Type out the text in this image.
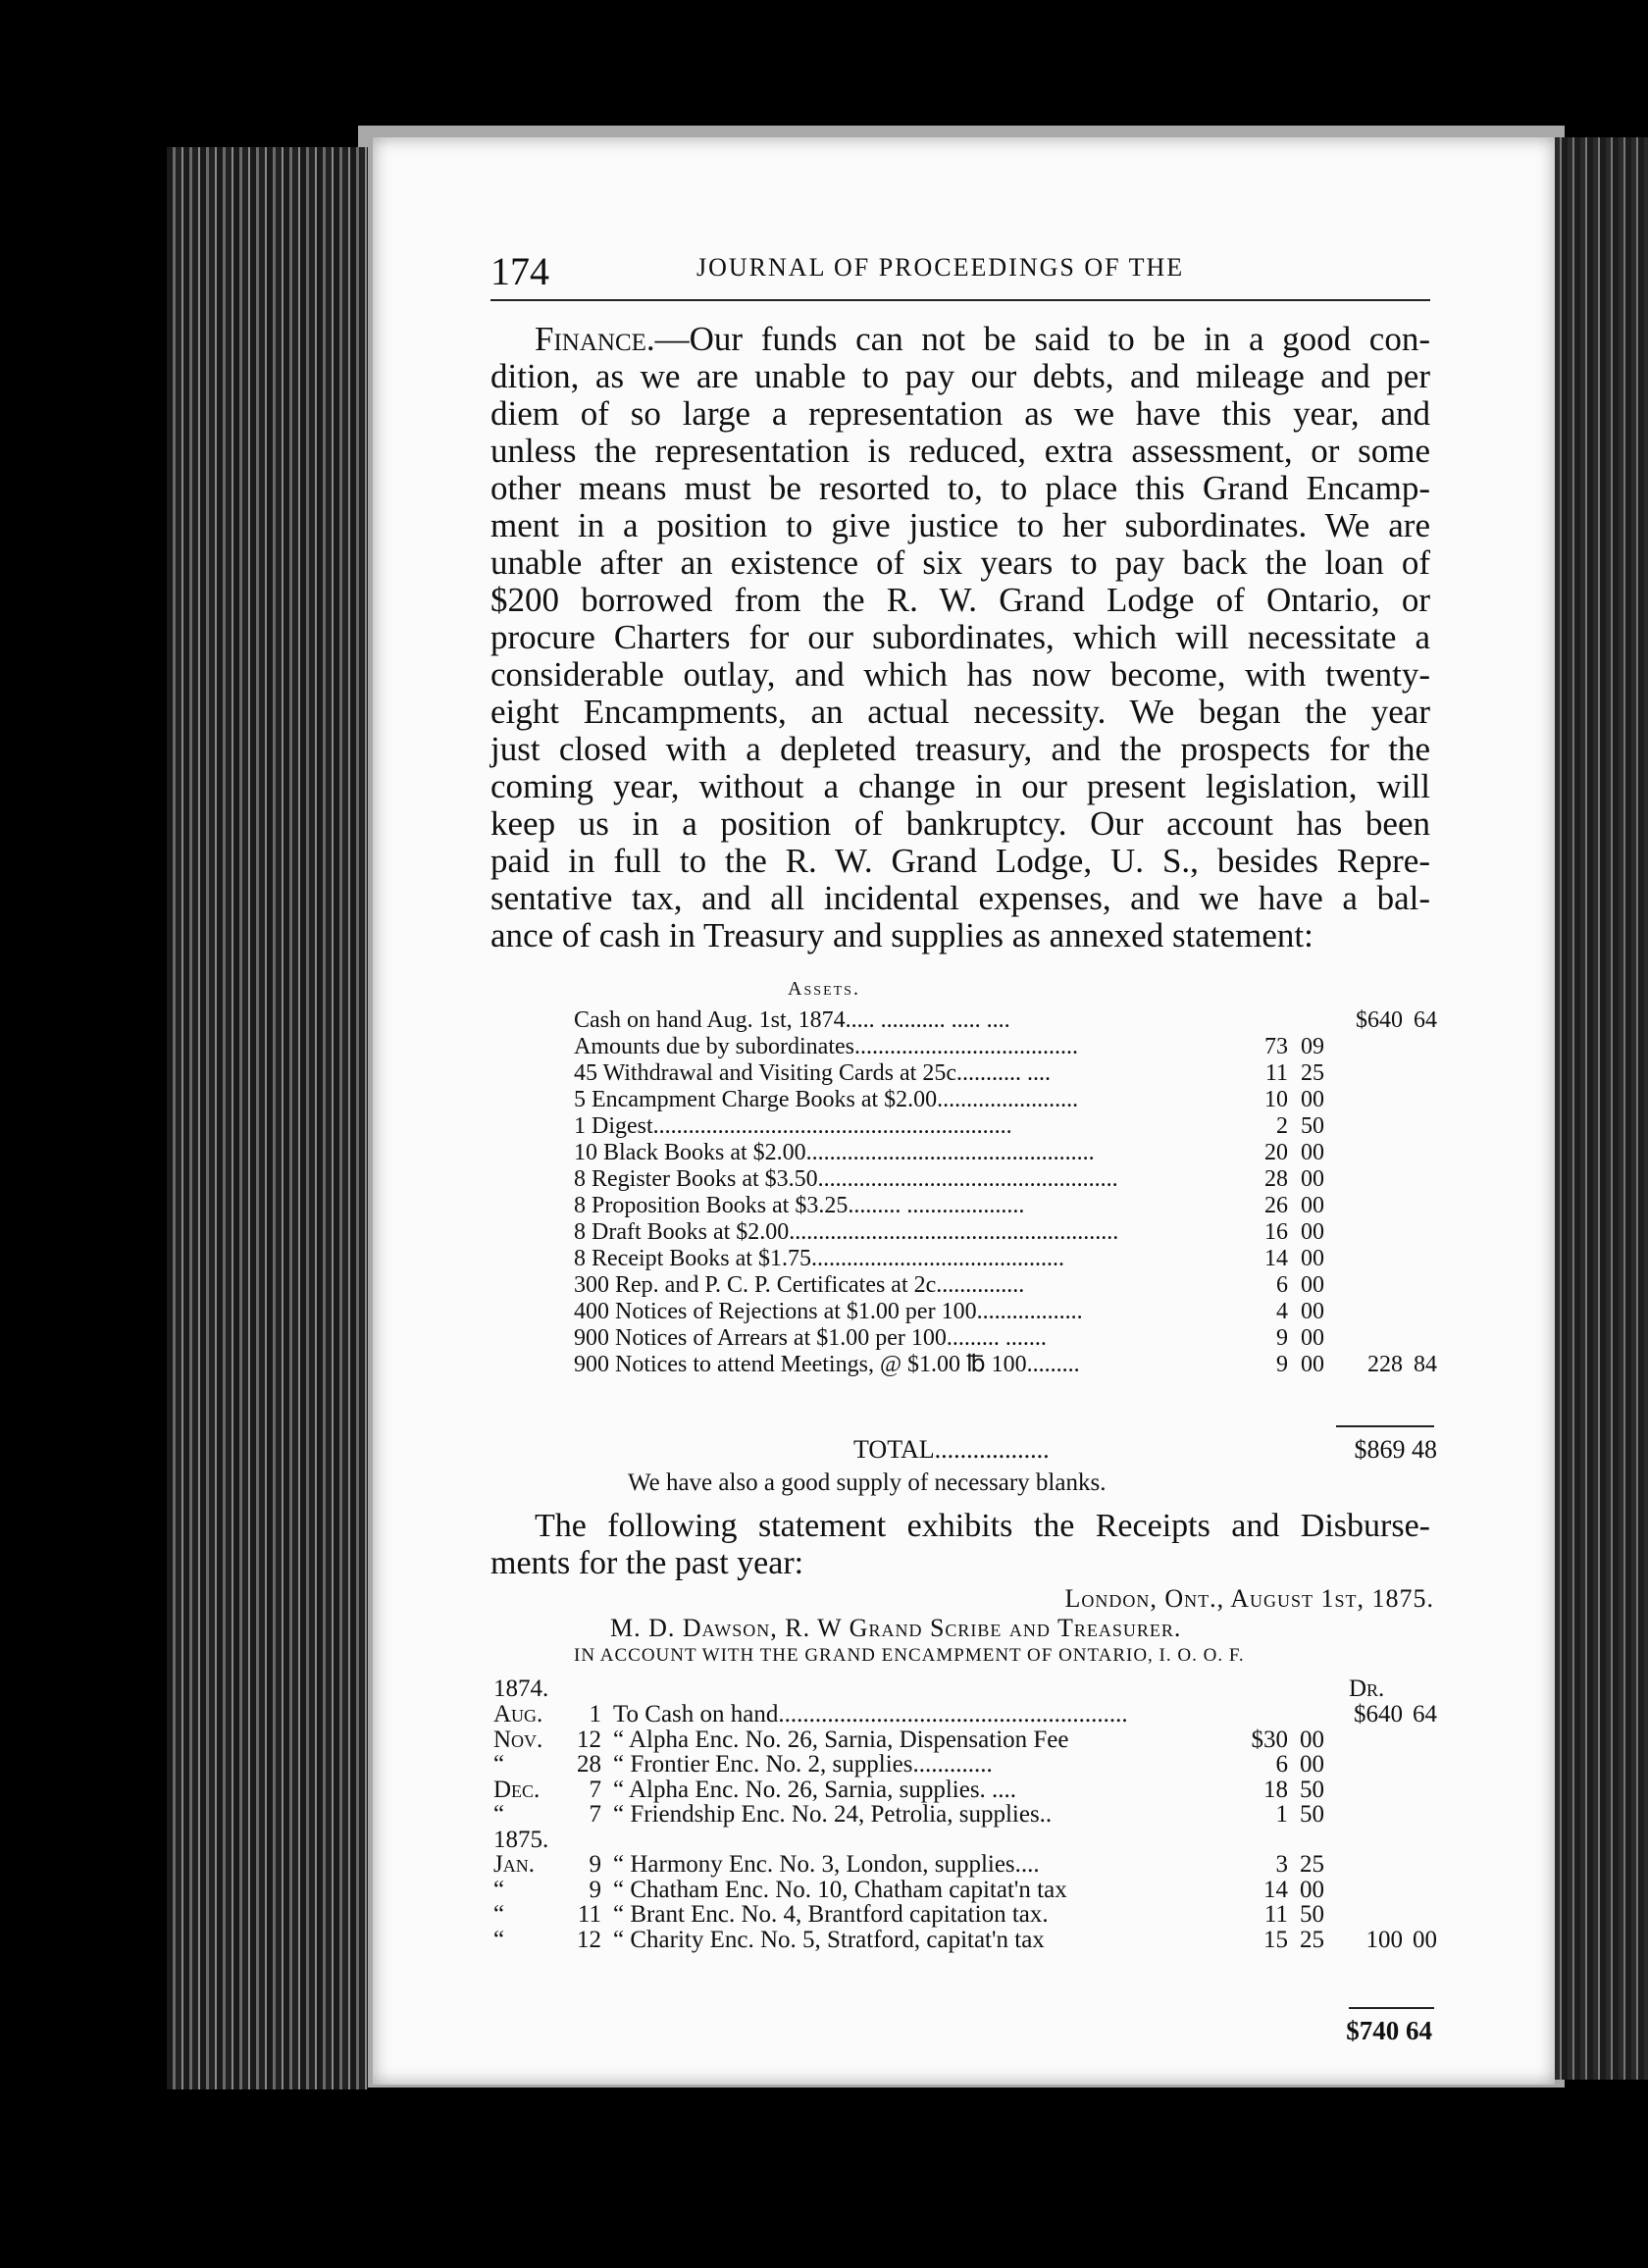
174	JOURNAL OF PROCEEDINGS OF THE
Finance.—Our funds can not be said to be in a good con-
dition, as we are unable to pay our debts, and mileage and per
diem of so large a representation as we have this year, and
unless the representation is reduced, extra assessment, or some
other means must be resorted to, to place this Grand Encamp-
ment in a position to give justice to her subordinates. We are
unable after an existence of six years to pay back the loan of
$200 borrowed from the R. W. Grand Lodge of Ontario, or
procure Charters for our subordinates, which will necessitate a
considerable outlay, and which has now become, with twenty-
eight Encampments, an actual necessity. We began the year
just closed with a depleted treasury, and the prospects for the
coming year, without a change in our present legislation, will
keep us in a position of bankruptcy. Our account has been
paid in full to the R. W. Grand Lodge, U. S., besides Repre-
sentative tax, and all incidental expenses, and we have a bal-
ance of cash in Treasury and supplies as annexed statement:
Assets.
Cash on hand Aug. 1st, 1874..... ........... ..... ....	$640 64
Amounts due by subordinates......................................	73 09
45 Withdrawal and Visiting Cards at 25c........... ....	11 25
5 Encampment Charge Books at $2.00........................	10 00
1 Digest.............................................................	2 50
10 Black Books at $2.00.................................................	20 00
8 Register Books at $3.50...................................................	28 00
8 Proposition Books at $3.25......... ....................	26 00
8 Draft Books at $2.00........................................................	16 00
8 Receipt Books at $1.75...........................................	14 00
300 Rep. and P. C. P. Certificates at 2c...............	6 00
400 Notices of Rejections at $1.00 per 100..................	4 00
900 Notices of Arrears at $1.00 per 100......... .......	9 00
900 Notices to attend Meetings, @ $1.00 ℔ 100.........	9 00	228 84
TOTAL..................	$869 48
We have also a good supply of necessary blanks.
The following statement exhibits the Receipts and Disburse-
ments for the past year:
London, Ont., August 1st, 1875.
M. D. Dawson, R. W Grand Scribe and Treasurer.
IN ACCOUNT WITH THE GRAND ENCAMPMENT OF ONTARIO, I. O. O. F.
1874.	Dr.
Aug.	1 To Cash on hand.........................................................	$640 64
Nov.	12 “ Alpha Enc. No. 26, Sarnia, Dispensation Fee	$30 00
“	28 “ Frontier Enc. No. 2, supplies.............	6 00
Dec.	7 “ Alpha Enc. No. 26, Sarnia, supplies. ....	18 50
“	7 “ Friendship Enc. No. 24, Petrolia, supplies..	1 50
1875.
Jan.	9 “ Harmony Enc. No. 3, London, supplies....	3 25
“	9 “ Chatham Enc. No. 10, Chatham capitat'n tax	14 00
“	11 “ Brant Enc. No. 4, Brantford capitation tax.	11 50
“	12 “ Charity Enc. No. 5, Stratford, capitat'n tax	15 25	100 00
$740 64
